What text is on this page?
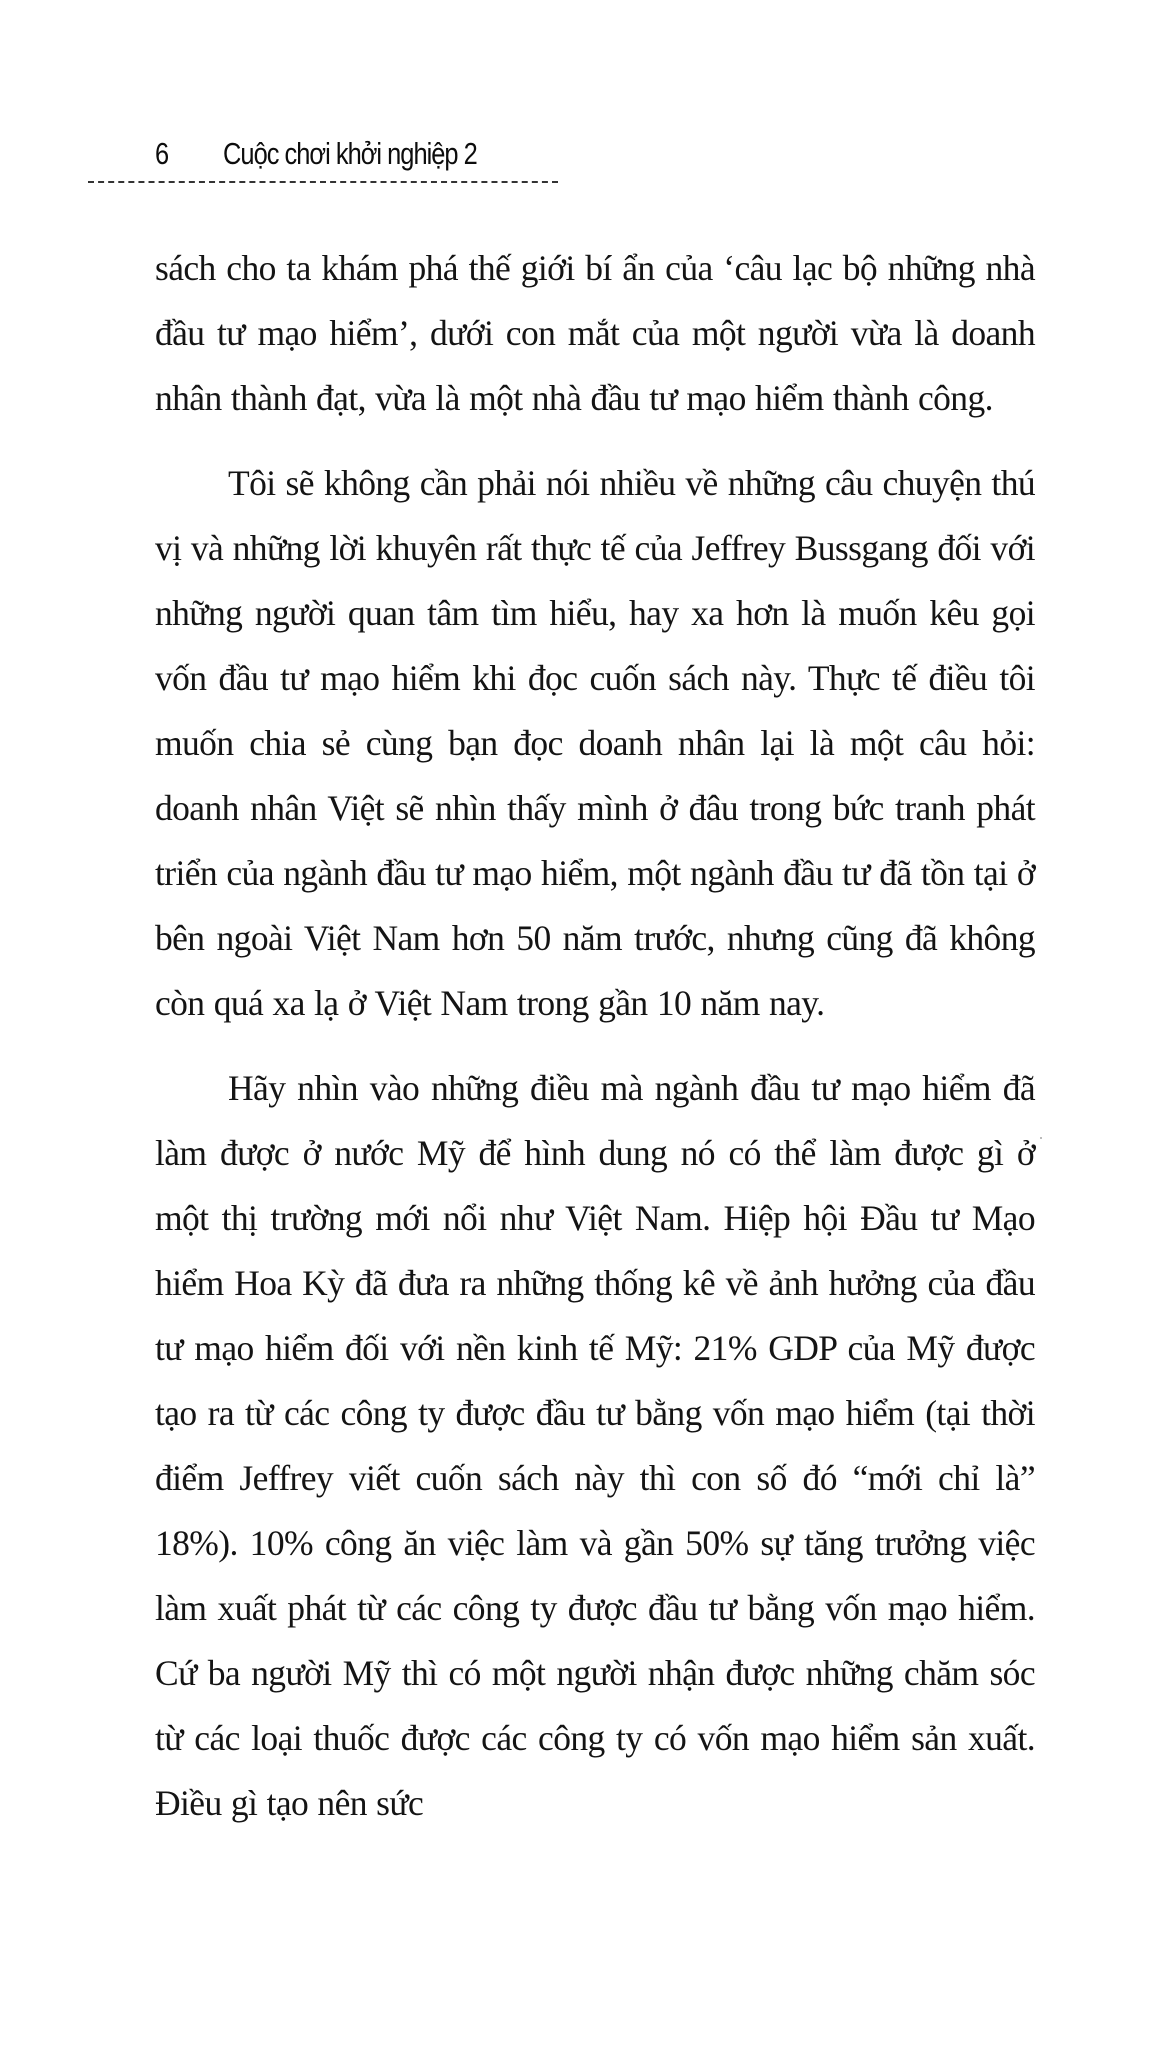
6	Cuộc chơi khởi nghiệp 2

sách cho ta khám phá thế giới bí ẩn của ‘câu lạc bộ những nhà đầu tư mạo hiểm’, dưới con mắt của một người vừa là doanh nhân thành đạt, vừa là một nhà đầu tư mạo hiểm thành công.

Tôi sẽ không cần phải nói nhiều về những câu chuyện thú vị và những lời khuyên rất thực tế của Jeffrey Bussgang đối với những người quan tâm tìm hiểu, hay xa hơn là muốn kêu gọi vốn đầu tư mạo hiểm khi đọc cuốn sách này. Thực tế điều tôi muốn chia sẻ cùng bạn đọc doanh nhân lại là một câu hỏi: doanh nhân Việt sẽ nhìn thấy mình ở đâu trong bức tranh phát triển của ngành đầu tư mạo hiểm, một ngành đầu tư đã tồn tại ở bên ngoài Việt Nam hơn 50 năm trước, nhưng cũng đã không còn quá xa lạ ở Việt Nam trong gần 10 năm nay.

Hãy nhìn vào những điều mà ngành đầu tư mạo hiểm đã làm được ở nước Mỹ để hình dung nó có thể làm được gì ở một thị trường mới nổi như Việt Nam. Hiệp hội Đầu tư Mạo hiểm Hoa Kỳ đã đưa ra những thống kê về ảnh hưởng của đầu tư mạo hiểm đối với nền kinh tế Mỹ: 21% GDP của Mỹ được tạo ra từ các công ty được đầu tư bằng vốn mạo hiểm (tại thời điểm Jeffrey viết cuốn sách này thì con số đó “mới chỉ là” 18%). 10% công ăn việc làm và gần 50% sự tăng trưởng việc làm xuất phát từ các công ty được đầu tư bằng vốn mạo hiểm. Cứ ba người Mỹ thì có một người nhận được những chăm sóc từ các loại thuốc được các công ty có vốn mạo hiểm sản xuất. Điều gì tạo nên sức
